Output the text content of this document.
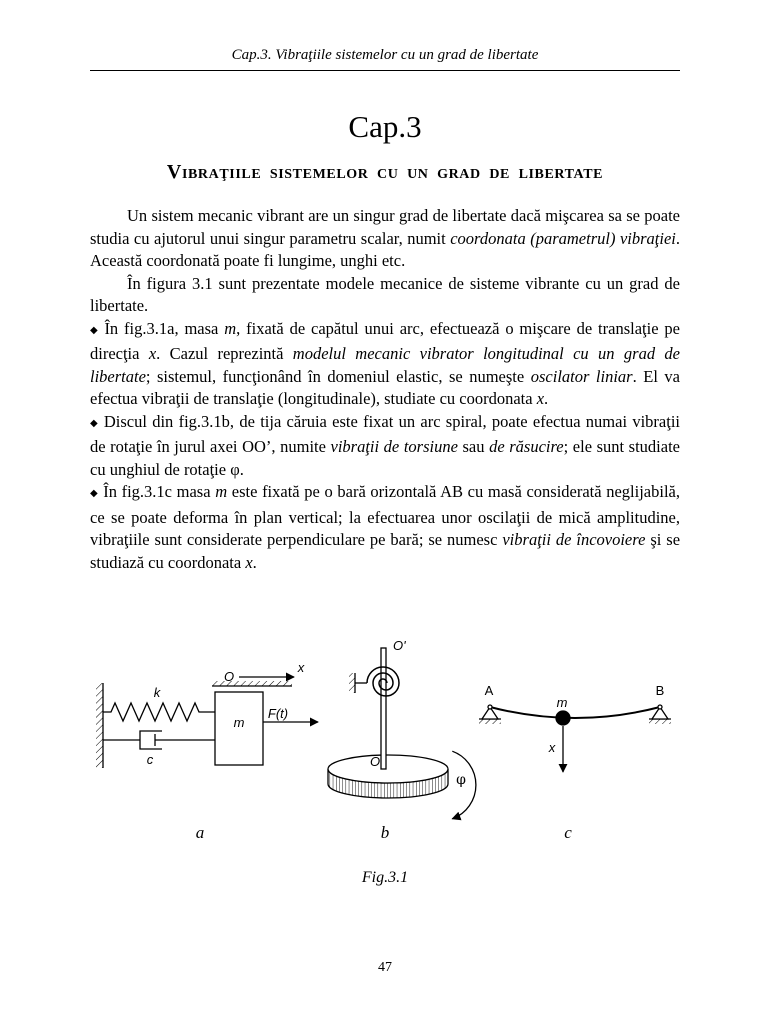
Cap.3. Vibraţiile sistemelor cu un grad de libertate
Cap.3
Vibraţiile sistemelor cu un grad de libertate

Un sistem mecanic vibrant are un singur grad de libertate dacă mişcarea sa se poate studia cu ajutorul unui singur parametru scalar, numit coordonata (parametrul) vibraţiei. Această coordonată poate fi lungime, unghi etc.

În figura 3.1 sunt prezentate modele mecanice de sisteme vibrante cu un grad de libertate.

◆ În fig.3.1a, masa m, fixată de capătul unui arc, efectuează o mişcare de translaţie pe direcţia x. Cazul reprezintă modelul mecanic vibrator longitudinal cu un grad de libertate; sistemul, funcţionând în domeniul elastic, se numeşte oscilator liniar. El va efectua vibraţii de translaţie (longitudinale), studiate cu coordonata x.

◆ Discul din fig.3.1b, de tija căruia este fixat un arc spiral, poate efectua numai vibraţii de rotaţie în jurul axei OO’, numite vibraţii de torsiune sau de răsucire; ele sunt studiate cu unghiul de rotaţie φ.

◆ În fig.3.1c masa m este fixată pe o bară orizontală AB cu masă considerată neglijabilă, ce se poate deforma în plan vertical; la efectuarea unor oscilaţii de mică amplitudine, vibraţiile sunt considerate perpendiculare pe bară; se numesc vibraţii de încovoiere şi se studiază cu coordonata x.

k
c
m
O
x
F(t)
O'
O
φ
A	B
m
x
a	b	c
Fig.3.1
47
